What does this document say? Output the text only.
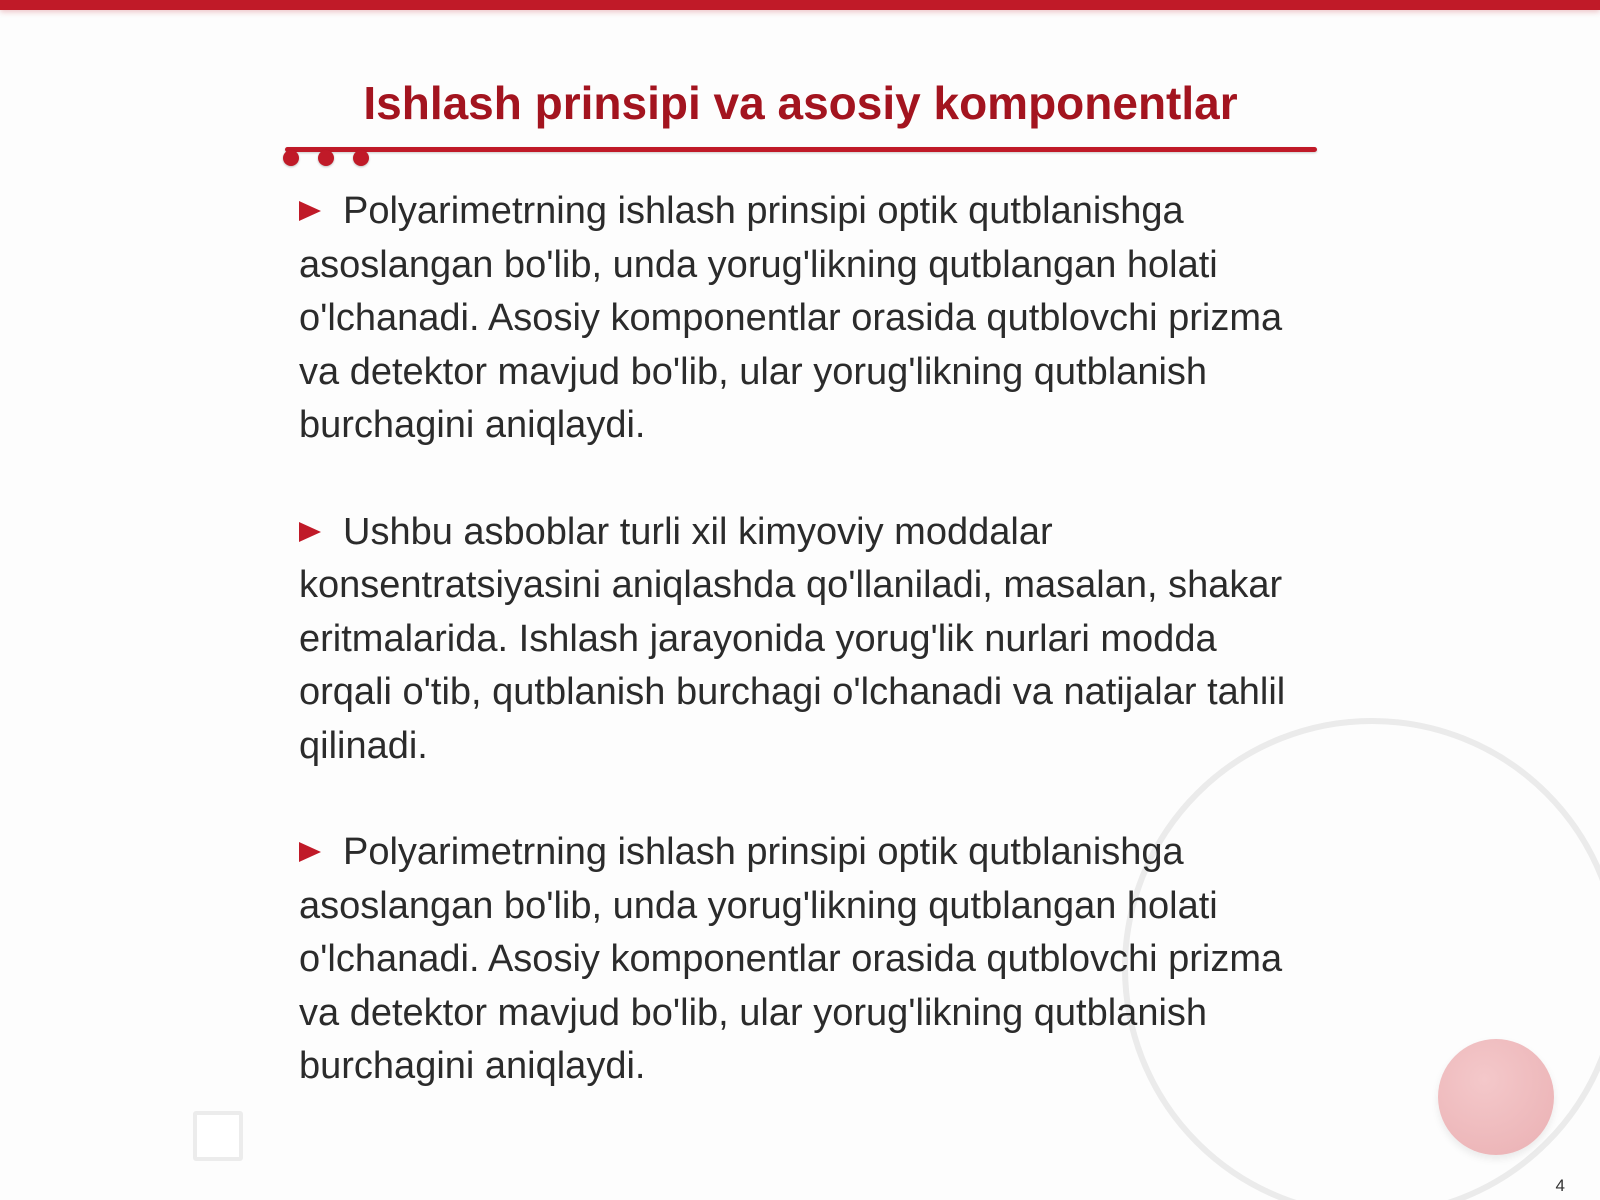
Ishlash prinsipi va asosiy komponentlar

Polyarimetrning ishlash prinsipi optik qutblanishga asoslangan bo'lib, unda yorug'likning qutblangan holati o'lchanadi. Asosiy komponentlar orasida qutblovchi prizma va detektor mavjud bo'lib, ular yorug'likning qutblanish burchagini aniqlaydi.

Ushbu asboblar turli xil kimyoviy moddalar konsentratsiyasini aniqlashda qo'llaniladi, masalan, shakar eritmalarida. Ishlash jarayonida yorug'lik nurlari modda orqali o'tib, qutblanish burchagi o'lchanadi va natijalar tahlil qilinadi.

Polyarimetrning ishlash prinsipi optik qutblanishga asoslangan bo'lib, unda yorug'likning qutblangan holati o'lchanadi. Asosiy komponentlar orasida qutblovchi prizma va detektor mavjud bo'lib, ular yorug'likning qutblanish burchagini aniqlaydi.

4
